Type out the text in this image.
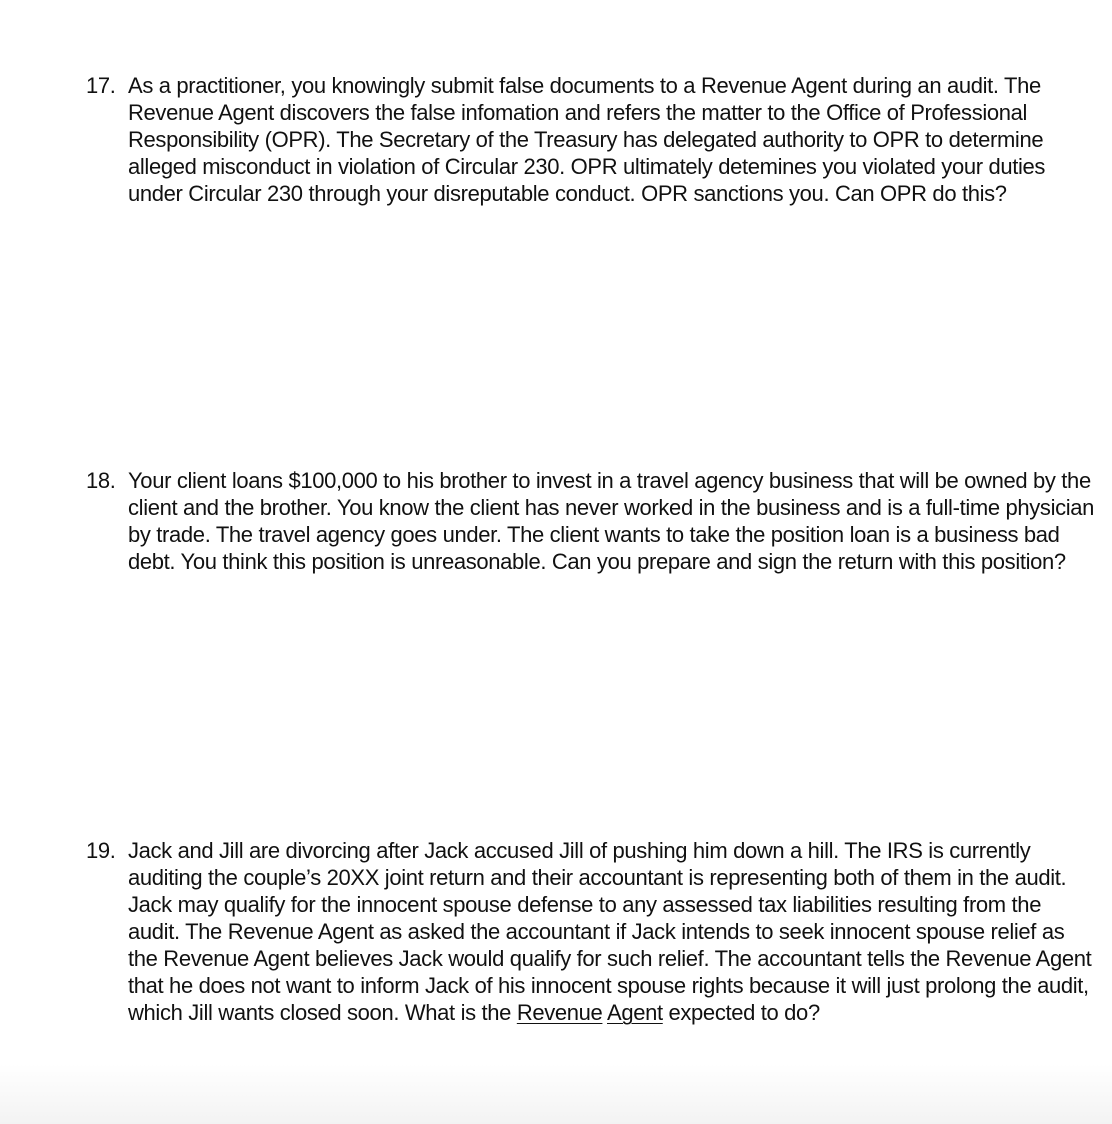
17. As a practitioner, you knowingly submit false documents to a Revenue Agent during an audit. The Revenue Agent discovers the false infomation and refers the matter to the Office of Professional Responsibility (OPR). The Secretary of the Treasury has delegated authority to OPR to determine alleged misconduct in violation of Circular 230. OPR ultimately detemines you violated your duties under Circular 230 through your disreputable conduct. OPR sanctions you. Can OPR do this?

18. Your client loans $100,000 to his brother to invest in a travel agency business that will be owned by the client and the brother. You know the client has never worked in the business and is a full-time physician by trade. The travel agency goes under. The client wants to take the position loan is a business bad debt. You think this position is unreasonable. Can you prepare and sign the return with this position?

19. Jack and Jill are divorcing after Jack accused Jill of pushing him down a hill. The IRS is currently auditing the couple’s 20XX joint return and their accountant is representing both of them in the audit. Jack may qualify for the innocent spouse defense to any assessed tax liabilities resulting from the audit. The Revenue Agent as asked the accountant if Jack intends to seek innocent spouse relief as the Revenue Agent believes Jack would qualify for such relief. The accountant tells the Revenue Agent that he does not want to inform Jack of his innocent spouse rights because it will just prolong the audit, which Jill wants closed soon. What is the Revenue Agent expected to do?
